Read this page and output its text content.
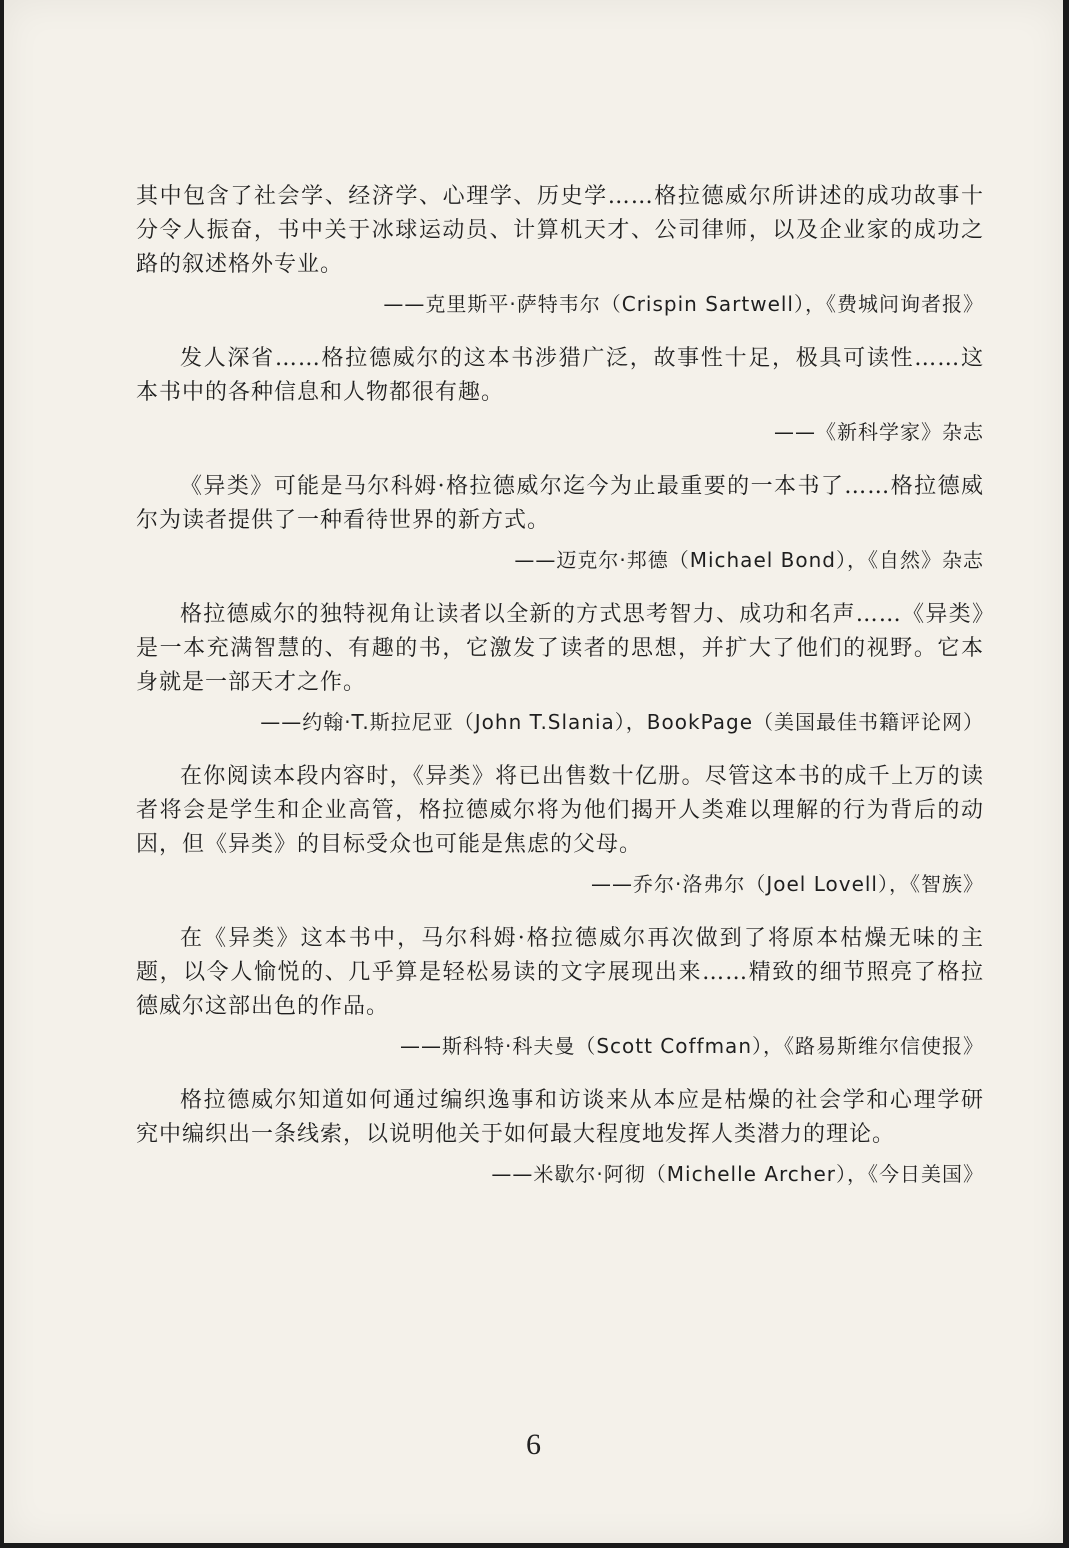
其中包含了社会学、经济学、心理学、历史学……格拉德威尔所讲述的成功故事十分令人振奋，书中关于冰球运动员、计算机天才、公司律师，以及企业家的成功之路的叙述格外专业。

——克里斯平·萨特韦尔（Crispin Sartwell），《费城问询者报》

发人深省……格拉德威尔的这本书涉猎广泛，故事性十足，极具可读性……这本书中的各种信息和人物都很有趣。

——《新科学家》杂志

《异类》可能是马尔科姆·格拉德威尔迄今为止最重要的一本书了……格拉德威尔为读者提供了一种看待世界的新方式。

——迈克尔·邦德（Michael Bond），《自然》杂志

格拉德威尔的独特视角让读者以全新的方式思考智力、成功和名声……《异类》是一本充满智慧的、有趣的书，它激发了读者的思想，并扩大了他们的视野。它本身就是一部天才之作。

——约翰·T.斯拉尼亚（John T.Slania），BookPage（美国最佳书籍评论网）

在你阅读本段内容时，《异类》将已出售数十亿册。尽管这本书的成千上万的读者将会是学生和企业高管，格拉德威尔将为他们揭开人类难以理解的行为背后的动因，但《异类》的目标受众也可能是焦虑的父母。

——乔尔·洛弗尔（Joel Lovell），《智族》

在《异类》这本书中，马尔科姆·格拉德威尔再次做到了将原本枯燥无味的主题，以令人愉悦的、几乎算是轻松易读的文字展现出来……精致的细节照亮了格拉德威尔这部出色的作品。

——斯科特·科夫曼（Scott Coffman），《路易斯维尔信使报》

格拉德威尔知道如何通过编织逸事和访谈来从本应是枯燥的社会学和心理学研究中编织出一条线索，以说明他关于如何最大程度地发挥人类潜力的理论。

——米歇尔·阿彻（Michelle Archer），《今日美国》
6
